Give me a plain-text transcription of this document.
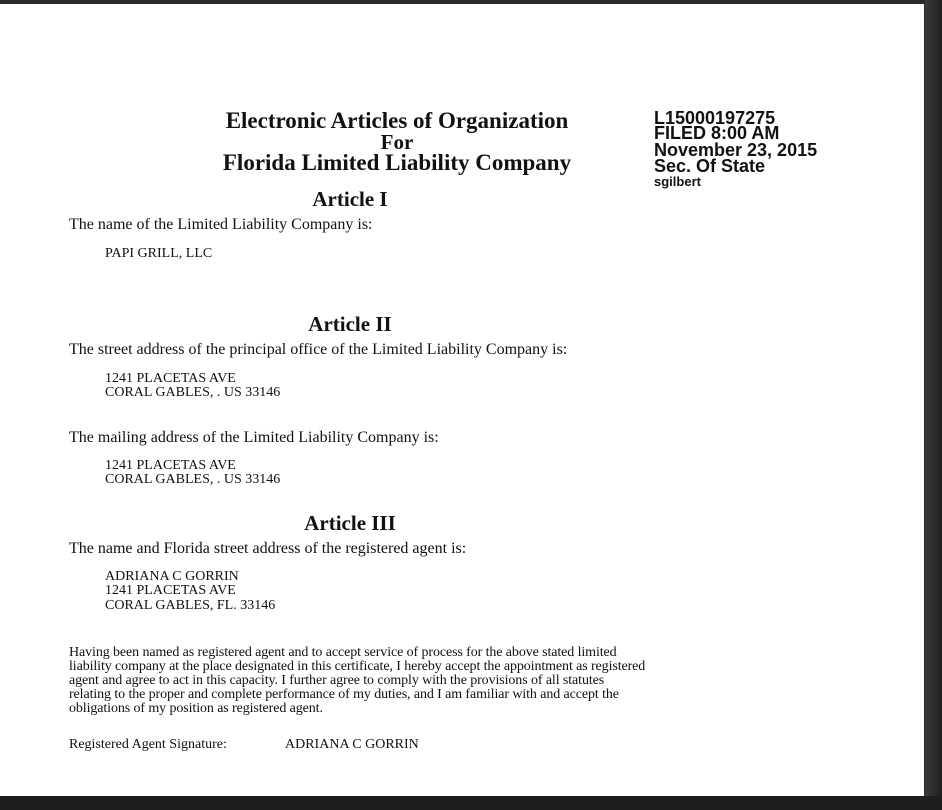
Electronic Articles of Organization
For
Florida Limited Liability Company
L15000197275
FILED 8:00 AM
November 23, 2015
Sec. Of State
sgilbert
Article I
The name of the Limited Liability Company is:
PAPI GRILL, LLC
Article II
The street address of the principal office of the Limited Liability Company is:
1241 PLACETAS AVE
CORAL GABLES, . US 33146
The mailing address of the Limited Liability Company is:
1241 PLACETAS AVE
CORAL GABLES, . US 33146
Article III
The name and Florida street address of the registered agent is:
ADRIANA C GORRIN
1241 PLACETAS AVE
CORAL GABLES, FL. 33146
Having been named as registered agent and to accept service of process for the above stated limited
liability company at the place designated in this certificate, I hereby accept the appointment as registered
agent and agree to act in this capacity. I further agree to comply with the provisions of all statutes
relating to the proper and complete performance of my duties, and I am familiar with and accept the
obligations of my position as registered agent.
Registered Agent Signature:	ADRIANA C GORRIN
